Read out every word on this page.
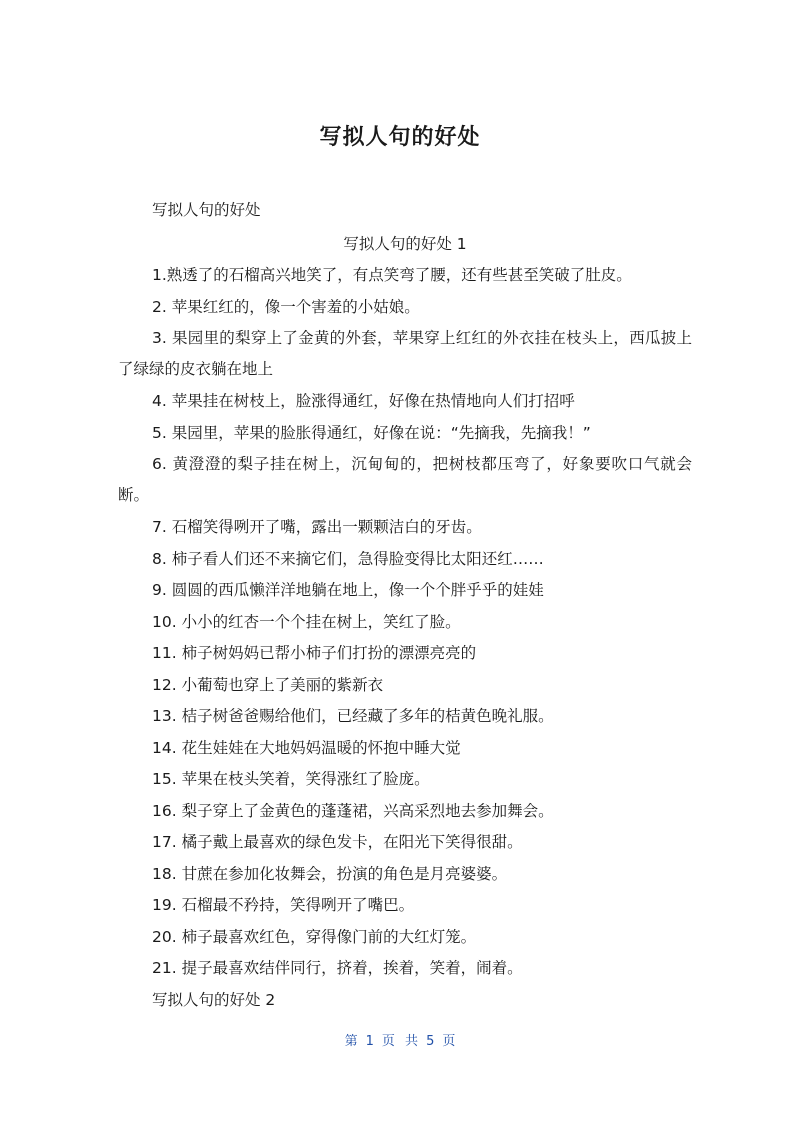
写拟人句的好处
写拟人句的好处
写拟人句的好处 1
1.熟透了的石榴高兴地笑了，有点笑弯了腰，还有些甚至笑破了肚皮。
2. 苹果红红的，像一个害羞的小姑娘。
3. 果园里的梨穿上了金黄的外套，苹果穿上红红的外衣挂在枝头上，西瓜披上了绿绿的皮衣躺在地上
4. 苹果挂在树枝上，脸涨得通红，好像在热情地向人们打招呼
5. 果园里，苹果的脸胀得通红，好像在说：“先摘我，先摘我！”
6. 黄澄澄的梨子挂在树上，沉甸甸的，把树枝都压弯了，好象要吹口气就会断。
7. 石榴笑得咧开了嘴，露出一颗颗洁白的牙齿。
8. 柿子看人们还不来摘它们，急得脸变得比太阳还红……
9. 圆圆的西瓜懒洋洋地躺在地上，像一个个胖乎乎的娃娃
10. 小小的红杏一个个挂在树上，笑红了脸。
11. 柿子树妈妈已帮小柿子们打扮的漂漂亮亮的
12. 小葡萄也穿上了美丽的紫新衣
13. 桔子树爸爸赐给他们，已经藏了多年的桔黄色晚礼服。
14. 花生娃娃在大地妈妈温暖的怀抱中睡大觉
15. 苹果在枝头笑着，笑得涨红了脸庞。
16. 梨子穿上了金黄色的蓬蓬裙，兴高采烈地去参加舞会。
17. 橘子戴上最喜欢的绿色发卡，在阳光下笑得很甜。
18. 甘蔗在参加化妆舞会，扮演的角色是月亮婆婆。
19. 石榴最不矜持，笑得咧开了嘴巴。
20. 柿子最喜欢红色，穿得像门前的大红灯笼。
21. 提子最喜欢结伴同行，挤着，挨着，笑着，闹着。
写拟人句的好处 2
第 1 页 共 5 页
